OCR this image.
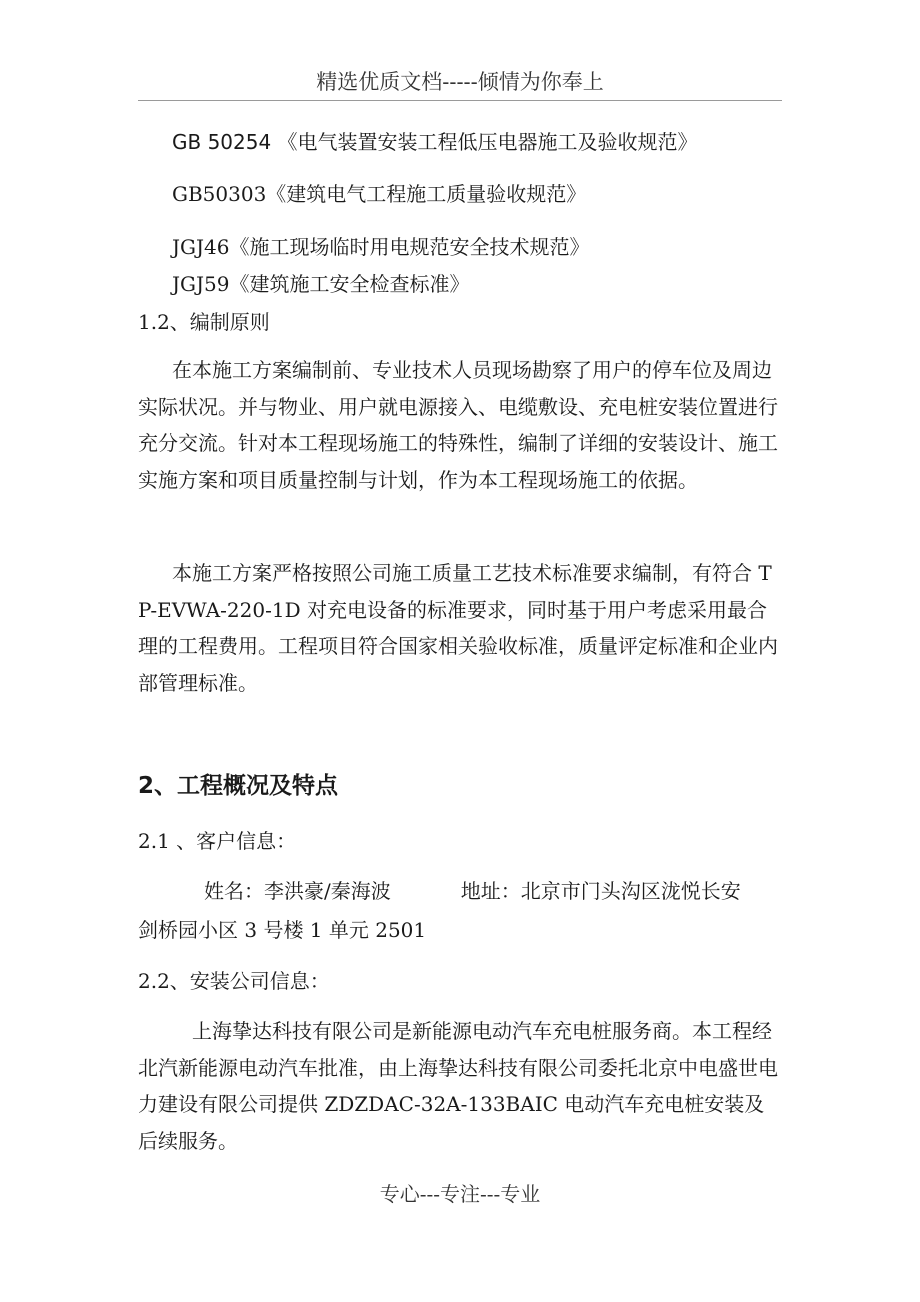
精选优质文档-----倾情为你奉上
GB 50254 《电气装置安装工程低压电器施工及验收规范》
GB50303《建筑电气工程施工质量验收规范》
JGJ46《施工现场临时用电规范安全技术规范》
JGJ59《建筑施工安全检查标准》
1.2、编制原则
在本施工方案编制前、专业技术人员现场勘察了用户的停车位及周边实际状况。并与物业、用户就电源接入、电缆敷设、充电桩安装位置进行充分交流。针对本工程现场施工的特殊性，编制了详细的安装设计、施工实施方案和项目质量控制与计划，作为本工程现场施工的依据。
本施工方案严格按照公司施工质量工艺技术标准要求编制，有符合 TP-EVWA-220-1D 对充电设备的标准要求，同时基于用户考虑采用最合理的工程费用。工程项目符合国家相关验收标准，质量评定标准和企业内部管理标准。
2、工程概况及特点
2.1 、客户信息：
姓名：李洪豪/秦海波　　　 地址：北京市门头沟区泷悦长安
剑桥园小区 3 号楼 1 单元 2501
2.2、安装公司信息：
上海挚达科技有限公司是新能源电动汽车充电桩服务商。本工程经北汽新能源电动汽车批准，由上海挚达科技有限公司委托北京中电盛世电力建设有限公司提供 ZDZDAC-32A-133BAIC 电动汽车充电桩安装及后续服务。
专心---专注---专业
